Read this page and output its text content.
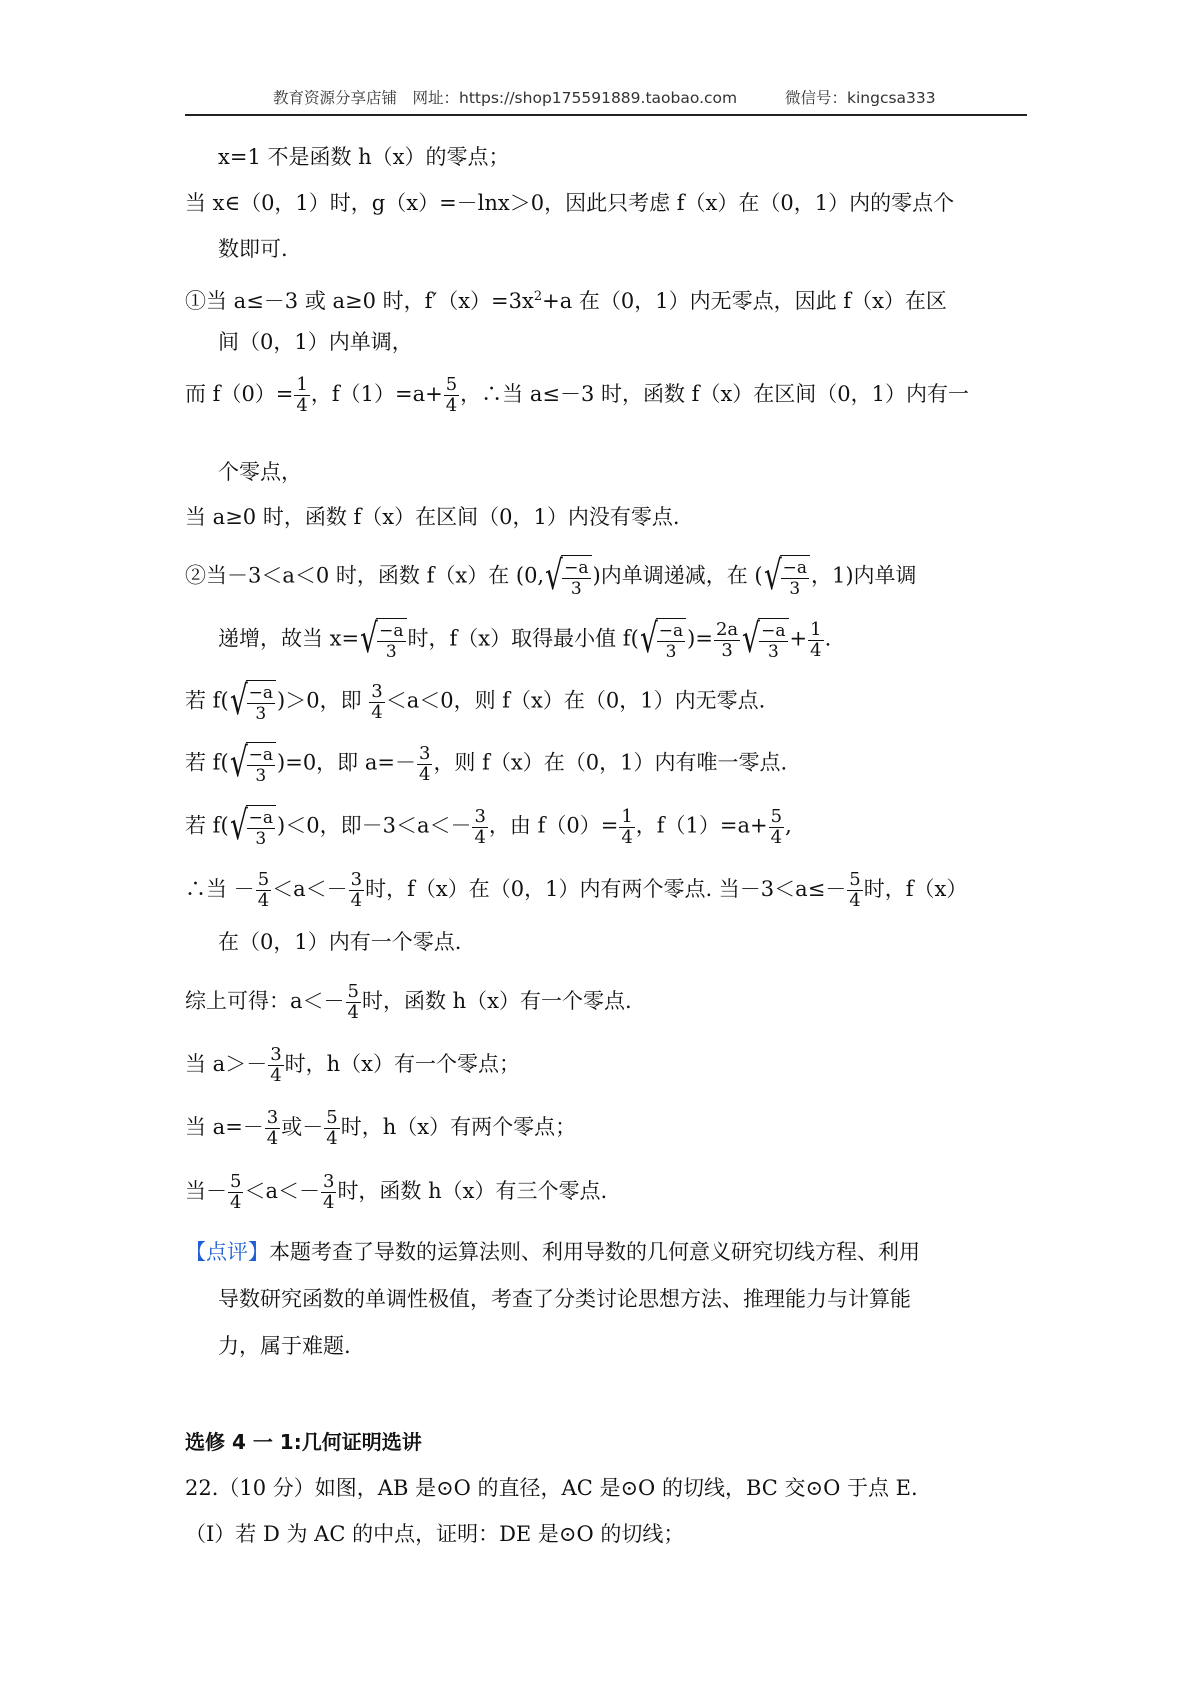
教育资源分享店铺　网址：https://shop175591889.taobao.com	微信号：kingcsa333
x=1 不是函数 h（x）的零点；
当 x∈（0，1）时，g（x）=－lnx＞0，因此只考虑 f（x）在（0，1）内的零点个
数即可.
①当 a≤－3 或 a≥0 时，$f'(x)=3x^2+a$ 在（0，1）内无零点，因此 f（x）在区
间（0，1）内单调，
而 $f(0)= \frac{1}{4}$ ，$f(1)=a+ \frac{5}{4}$ ，∴当 a≤－3 时，函数 f（x）在区间（0，1）内有一
个零点，
当 a≥0 时，函数 f（x）在区间（0，1）内没有零点.
②当－3＜a＜0 时，函数 f（x）在 (0, √ $\frac{-a}{3}$ )内单调递减，在 ( √ $\frac{-a}{3}$ ，1)内单调
递增，故当 x= √ $\frac{-a}{3}$ 时，f（x）取得最小值 f( √ $\frac{-a}{3}$ )= $\frac{2a}{3}$ √ $\frac{-a}{3} + \frac{1}{4}$ .
若 f( √ $\frac{-a}{3} )>0$，即 $\frac{3}{4} <a<0$，则 f（x）在（0，1）内无零点.
若 f( √ $\frac{-a}{3} )=0$，即 $a=- \frac{3}{4}$ ，则 f（x）在（0，1）内有唯一零点.
若 f( √ $\frac{-a}{3} )<0$，即$-3<a<- \frac{3}{4}$ ，由 $f(0)= \frac{1}{4}$ ，$f(1)=a+ \frac{5}{4}$ ,
∴当 － $\frac{5}{4} <a<- \frac{3}{4}$ 时，f（x）在（0，1）内有两个零点. 当$-3<a\le- \frac{5}{4}$ 时，f（x）
在（0，1）内有一个零点.
综上可得：$a<- \frac{5}{4}$ 时，函数 h（x）有一个零点.
当 $a>- \frac{3}{4}$ 时，h（x）有一个零点；
当 $a=- \frac{3}{4}$ 或－ $\frac{5}{4}$ 时，h（x）有两个零点；
当－ $\frac{5}{4} <a<- \frac{3}{4}$ 时，函数 h（x）有三个零点.
【点评】本题考查了导数的运算法则、利用导数的几何意义研究切线方程、利用
导数研究函数的单调性极值，考查了分类讨论思想方法、推理能力与计算能
力，属于难题.
选修 4 一 1:几何证明选讲
22.（10 分）如图，AB 是⊙O 的直径，AC 是⊙O 的切线，BC 交⊙O 于点 E.
（Ⅰ）若 D 为 AC 的中点，证明：DE 是⊙O 的切线；
